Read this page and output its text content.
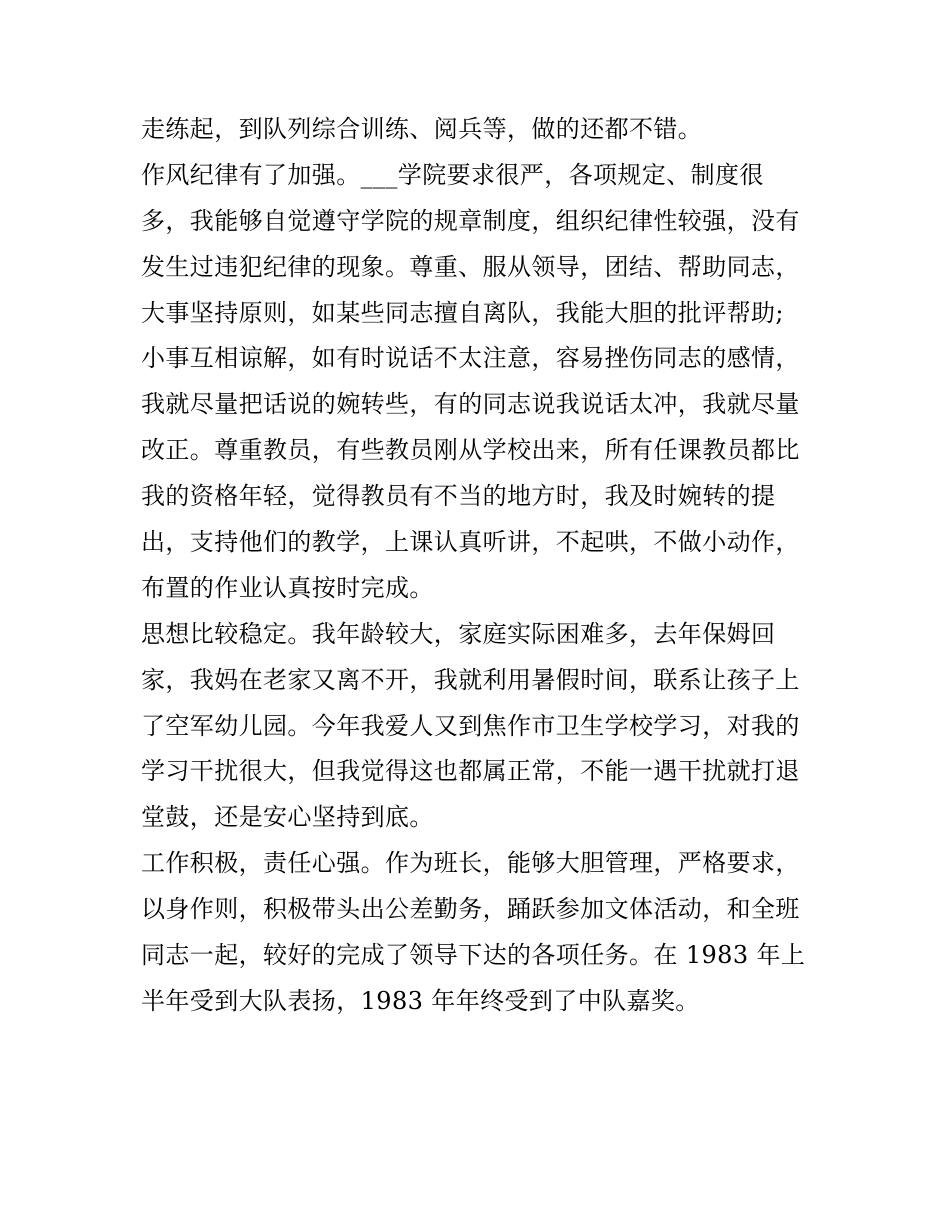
走练起，到队列综合训练、阅兵等，做的还都不错。
作风纪律有了加强。___学院要求很严，各项规定、制度很
多，我能够自觉遵守学院的规章制度，组织纪律性较强，没有
发生过违犯纪律的现象。尊重、服从领导，团结、帮助同志，
大事坚持原则，如某些同志擅自离队，我能大胆的批评帮助;
小事互相谅解，如有时说话不太注意，容易挫伤同志的感情，
我就尽量把话说的婉转些，有的同志说我说话太冲，我就尽量
改正。尊重教员，有些教员刚从学校出来，所有任课教员都比
我的资格年轻，觉得教员有不当的地方时，我及时婉转的提
出，支持他们的教学，上课认真听讲，不起哄，不做小动作，
布置的作业认真按时完成。
思想比较稳定。我年龄较大，家庭实际困难多，去年保姆回
家，我妈在老家又离不开，我就利用暑假时间，联系让孩子上
了空军幼儿园。今年我爱人又到焦作市卫生学校学习，对我的
学习干扰很大，但我觉得这也都属正常，不能一遇干扰就打退
堂鼓，还是安心坚持到底。
工作积极，责任心强。作为班长，能够大胆管理，严格要求，
以身作则，积极带头出公差勤务，踊跃参加文体活动，和全班
同志一起，较好的完成了领导下达的各项任务。在 1983 年上
半年受到大队表扬，1983 年年终受到了中队嘉奖。
